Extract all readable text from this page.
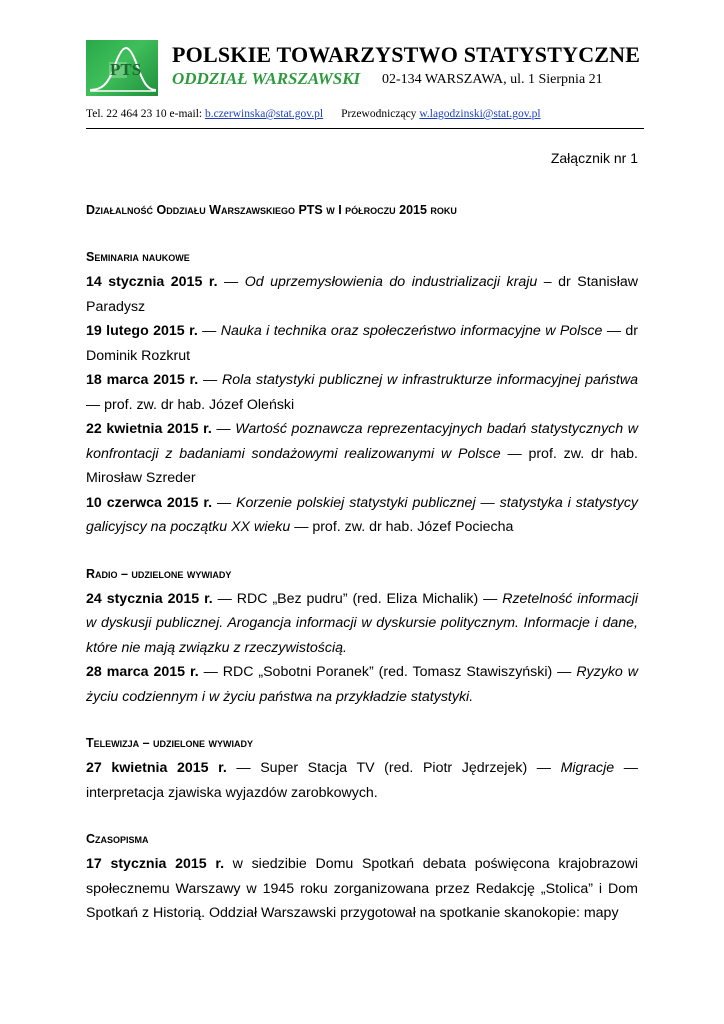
PTS
POLSKIE TOWARZYSTWO STATYSTYCZNE
ODDZIAŁ WARSZAWSKI 02-134 WARSZAWA, ul. 1 Sierpnia 21
Tel. 22 464 23 10 e-mail: b.czerwinska@stat.gov.pl Przewodniczący w.lagodzinski@stat.gov.pl
Załącznik nr 1
Działalność Oddziału Warszawskiego PTS w I półroczu 2015 roku
Seminaria naukowe
14 stycznia 2015 r. — Od uprzemysłowienia do industrializacji kraju – dr Stanisław Paradysz
19 lutego 2015 r. — Nauka i technika oraz społeczeństwo informacyjne w Polsce — dr Dominik Rozkrut
18 marca 2015 r. — Rola statystyki publicznej w infrastrukturze informacyjnej państwa — prof. zw. dr hab. Józef Oleński
22 kwietnia 2015 r. — Wartość poznawcza reprezentacyjnych badań statystycznych w konfrontacji z badaniami sondażowymi realizowanymi w Polsce — prof. zw. dr hab. Mirosław Szreder
10 czerwca 2015 r. — Korzenie polskiej statystyki publicznej — statystyka i statystycy galicyjscy na początku XX wieku — prof. zw. dr hab. Józef Pociecha
Radio – udzielone wywiady
24 stycznia 2015 r. — RDC „Bez pudru” (red. Eliza Michalik) — Rzetelność informacji w dyskusji publicznej. Arogancja informacji w dyskursie politycznym. Informacje i dane, które nie mają związku z rzeczywistością.
28 marca 2015 r. — RDC „Sobotni Poranek” (red. Tomasz Stawiszyński) — Ryzyko w życiu codziennym i w życiu państwa na przykładzie statystyki.
Telewizja – udzielone wywiady
27 kwietnia 2015 r. — Super Stacja TV (red. Piotr Jędrzejek) — Migracje — interpretacja zjawiska wyjazdów zarobkowych.
Czasopisma
17 stycznia 2015 r. w siedzibie Domu Spotkań debata poświęcona krajobrazowi społecznemu Warszawy w 1945 roku zorganizowana przez Redakcję „Stolica” i Dom Spotkań z Historią. Oddział Warszawski przygotował na spotkanie skanokopie: mapy
